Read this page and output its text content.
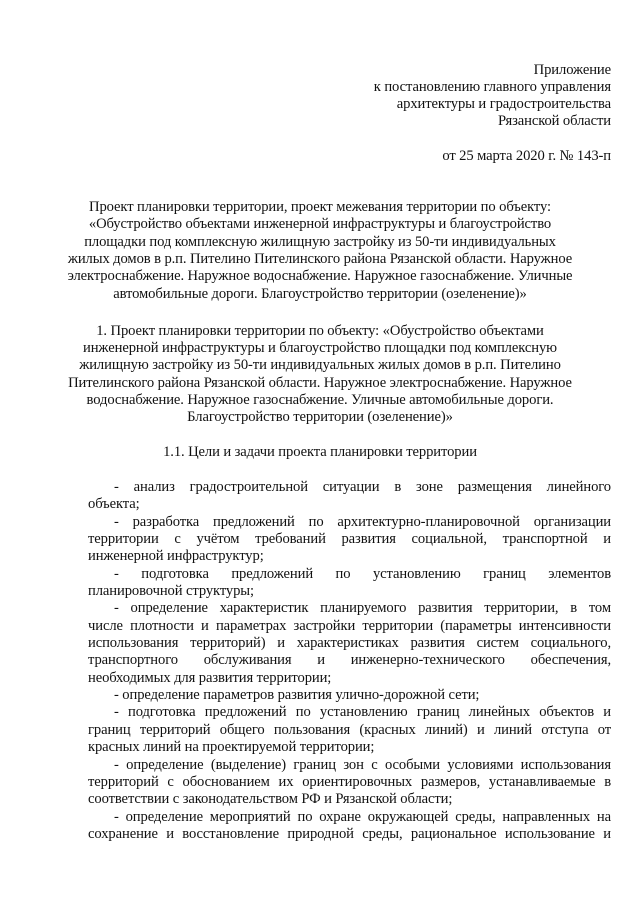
Приложение
к постановлению главного управления
архитектуры и градостроительства
Рязанской области
от 25 марта 2020 г. № 143-п
Проект планировки территории, проект межевания территории по объекту:
«Обустройство объектами инженерной инфраструктуры и благоустройство
площадки под комплексную жилищную застройку из 50-ти индивидуальных
жилых домов в р.п. Пителино Пителинского района Рязанской области. Наружное
электроснабжение. Наружное водоснабжение. Наружное газоснабжение. Уличные
автомобильные дороги. Благоустройство территории (озеленение)»
1. Проект планировки территории по объекту: «Обустройство объектами
инженерной инфраструктуры и благоустройство площадки под комплексную
жилищную застройку из 50-ти индивидуальных жилых домов в р.п. Пителино
Пителинского района Рязанской области. Наружное электроснабжение. Наружное
водоснабжение. Наружное газоснабжение. Уличные автомобильные дороги.
Благоустройство территории (озеленение)»
1.1. Цели и задачи проекта планировки территории
- анализ градостроительной ситуации в зоне размещения линейного
объекта;
- разработка предложений по архитектурно-планировочной организации
территории с учётом требований развития социальной, транспортной и
инженерной инфраструктур;
- подготовка предложений по установлению границ элементов
планировочной структуры;
- определение характеристик планируемого развития территории, в том
числе плотности и параметрах застройки территории (параметры интенсивности
использования территорий) и характеристиках развития систем социального,
транспортного обслуживания и инженерно-технического обеспечения,
необходимых для развития территории;
- определение параметров развития улично-дорожной сети;
- подготовка предложений по установлению границ линейных объектов и
границ территорий общего пользования (красных линий) и линий отступа от
красных линий на проектируемой территории;
- определение (выделение) границ зон с особыми условиями использования
территорий с обоснованием их ориентировочных размеров, устанавливаемые в
соответствии с законодательством РФ и Рязанской области;
- определение мероприятий по охране окружающей среды, направленных на
сохранение и восстановление природной среды, рациональное использование и
